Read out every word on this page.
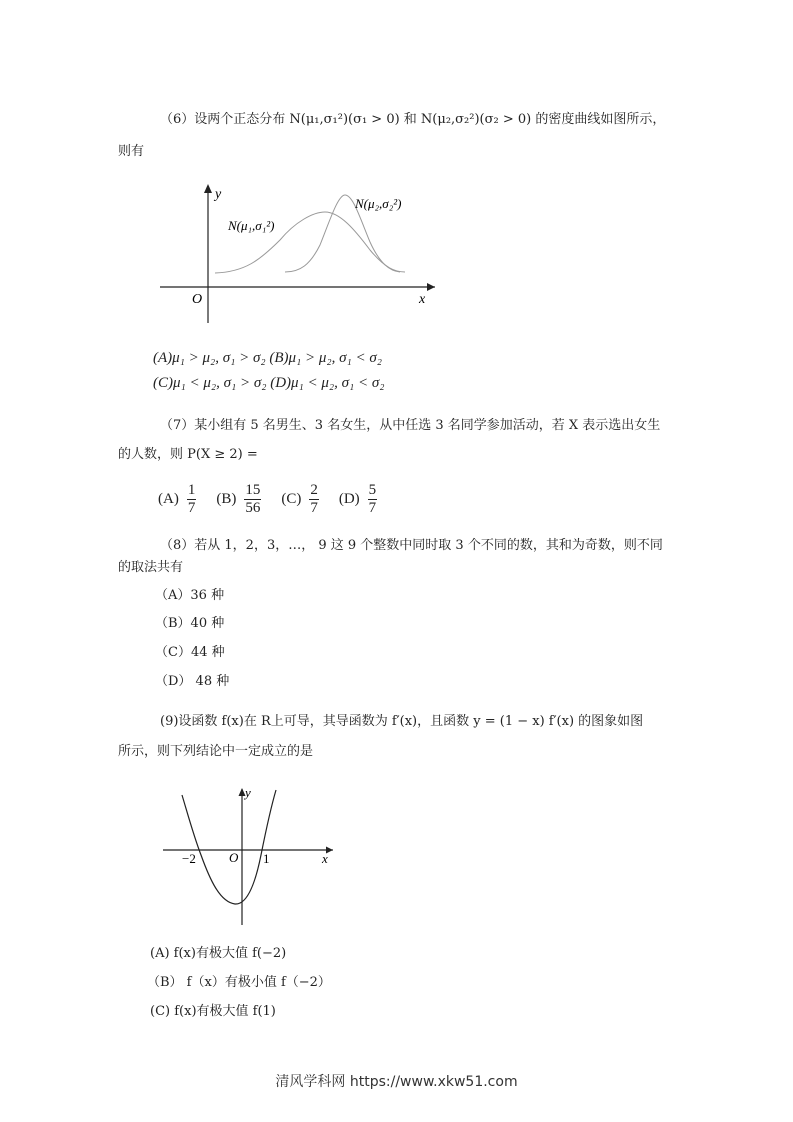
（6）设两个正态分布 N(μ₁,σ₁²)(σ₁ > 0) 和 N(μ₂,σ₂²)(σ₂ > 0) 的密度曲线如图所示，
则有
y
x
O
N(μ₁,σ₁²)
N(μ₂,σ₂²)
(A)μ₁ > μ₂, σ₁ > σ₂ (B)μ₁ > μ₂, σ₁ < σ₂
(C)μ₁ < μ₂, σ₁ > σ₂ (D)μ₁ < μ₂, σ₁ < σ₂
（7）某小组有 5 名男生、3 名女生，从中任选 3 名同学参加活动，若 X 表示选出女生
的人数，则 P(X ≥ 2) =
$(A) \frac{1}{7} (B) \frac{15}{56} (C) \frac{2}{7} (D) \frac{5}{7}$
（8）若从 1，2，3，…， 9 这 9 个整数中同时取 3 个不同的数，其和为奇数，则不同
的取法共有
（A）36 种
（B）40 种
（C）44 种
（D） 48 种
(9)设函数 f(x)在 R上可导，其导函数为 f′(x)，且函数 y = (1 − x) f′(x) 的图象如图
所示，则下列结论中一定成立的是
y
x
O
−2	1
(A) f(x)有极大值 f(−2)
（B） f（x）有极小值 f（−2）
(C) f(x)有极大值 f(1)
清风学科网 https://www.xkw51.com
